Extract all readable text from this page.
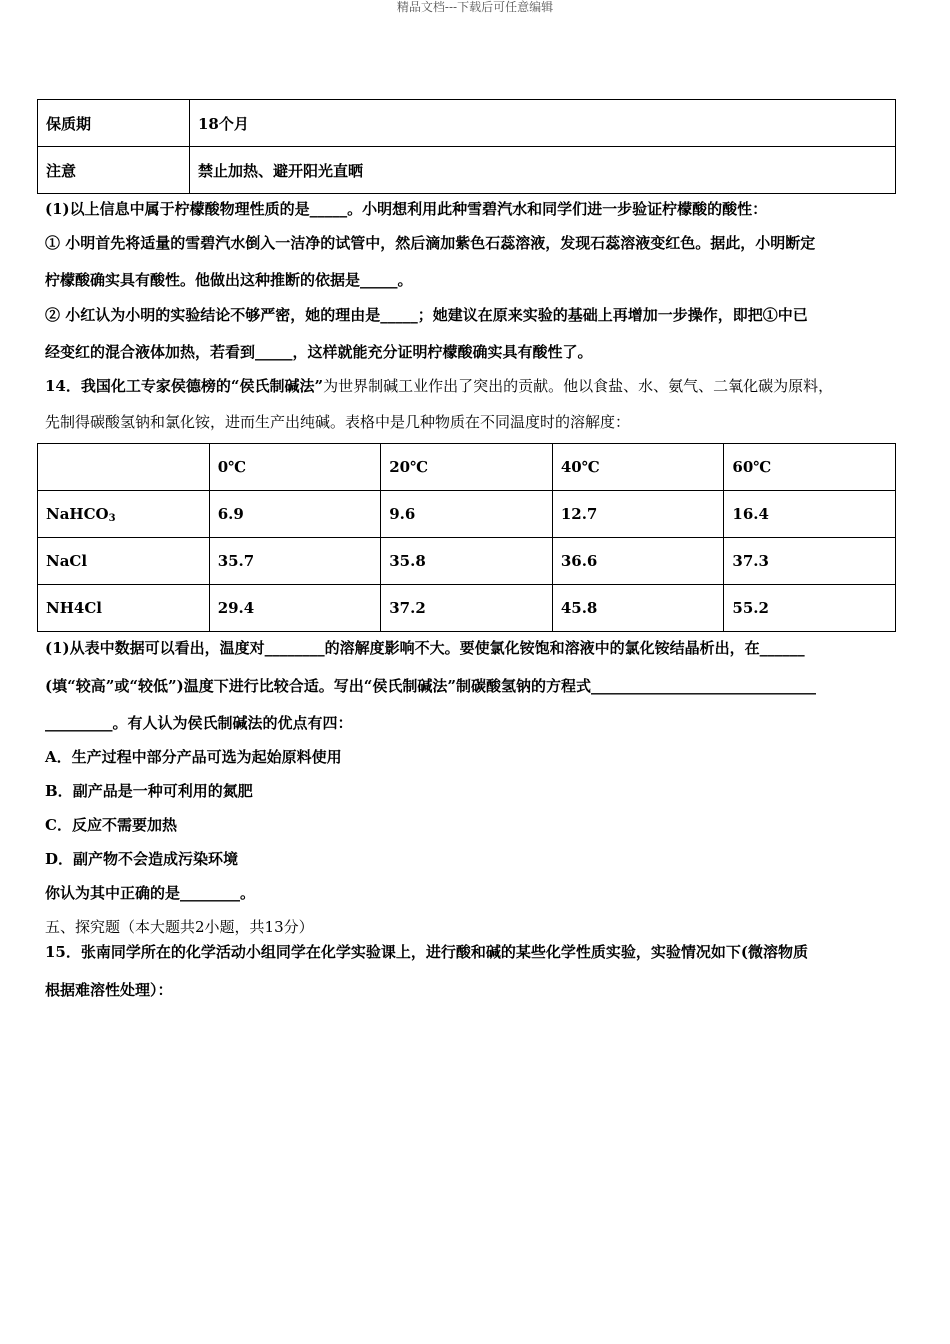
精品文档---下载后可任意编辑
保质期	18个月
注意	禁止加热、避开阳光直晒
(1)以上信息中属于柠檬酸物理性质的是_____。小明想利用此种雪碧汽水和同学们进一步验证柠檬酸的酸性：
① 小明首先将适量的雪碧汽水倒入一洁净的试管中，然后滴加紫色石蕊溶液，发现石蕊溶液变红色。据此，小明断定
柠檬酸确实具有酸性。他做出这种推断的依据是_____。
② 小红认为小明的实验结论不够严密，她的理由是_____；她建议在原来实验的基础上再增加一步操作，即把①中已
经变红的混合液体加热，若看到_____，这样就能充分证明柠檬酸确实具有酸性了。
14．我国化工专家侯德榜的“侯氏制碱法”为世界制碱工业作出了突出的贡献。他以食盐、水、氨气、二氧化碳为原料，
先制得碳酸氢钠和氯化铵，进而生产出纯碱。表格中是几种物质在不同温度时的溶解度：
	0℃	20℃	40℃	60℃
NaHCO$_3$	6.9	9.6	12.7	16.4
NaCl	35.7	35.8	36.6	37.3
NH4Cl	29.4	37.2	45.8	55.2
(1)从表中数据可以看出，温度对________的溶解度影响不大。要使氯化铵饱和溶液中的氯化铵结晶析出，在______
(填“较高”或“较低”)温度下进行比较合适。写出“侯氏制碱法”制碳酸氢钠的方程式______________________________
_________。有人认为侯氏制碱法的优点有四：
A．生产过程中部分产品可选为起始原料使用
B．副产品是一种可利用的氮肥
C．反应不需要加热
D．副产物不会造成污染环境
你认为其中正确的是________。
五、探究题（本大题共2小题，共13分）
15．张南同学所在的化学活动小组同学在化学实验课上，进行酸和碱的某些化学性质实验，实验情况如下(微溶物质
根据难溶性处理）：
